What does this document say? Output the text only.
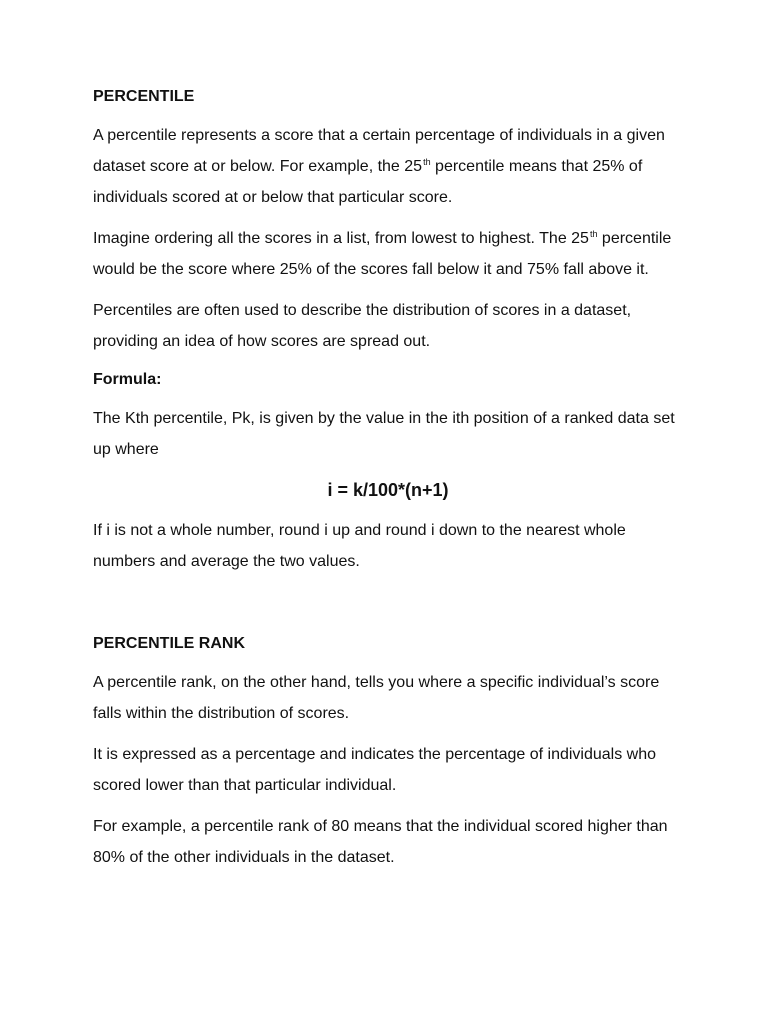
PERCENTILE

A percentile represents a score that a certain percentage of individuals in a given dataset score at or below. For example, the 25th percentile means that 25% of individuals scored at or below that particular score.

Imagine ordering all the scores in a list, from lowest to highest. The 25th percentile would be the score where 25% of the scores fall below it and 75% fall above it.

Percentiles are often used to describe the distribution of scores in a dataset, providing an idea of how scores are spread out.

Formula:

The Kth percentile, Pk, is given by the value in the ith position of a ranked data set up where

i = k/100*(n+1)

If i is not a whole number, round i up and round i down to the nearest whole numbers and average the two values.

PERCENTILE RANK

A percentile rank, on the other hand, tells you where a specific individual’s score falls within the distribution of scores.

It is expressed as a percentage and indicates the percentage of individuals who scored lower than that particular individual.

For example, a percentile rank of 80 means that the individual scored higher than 80% of the other individuals in the dataset.
